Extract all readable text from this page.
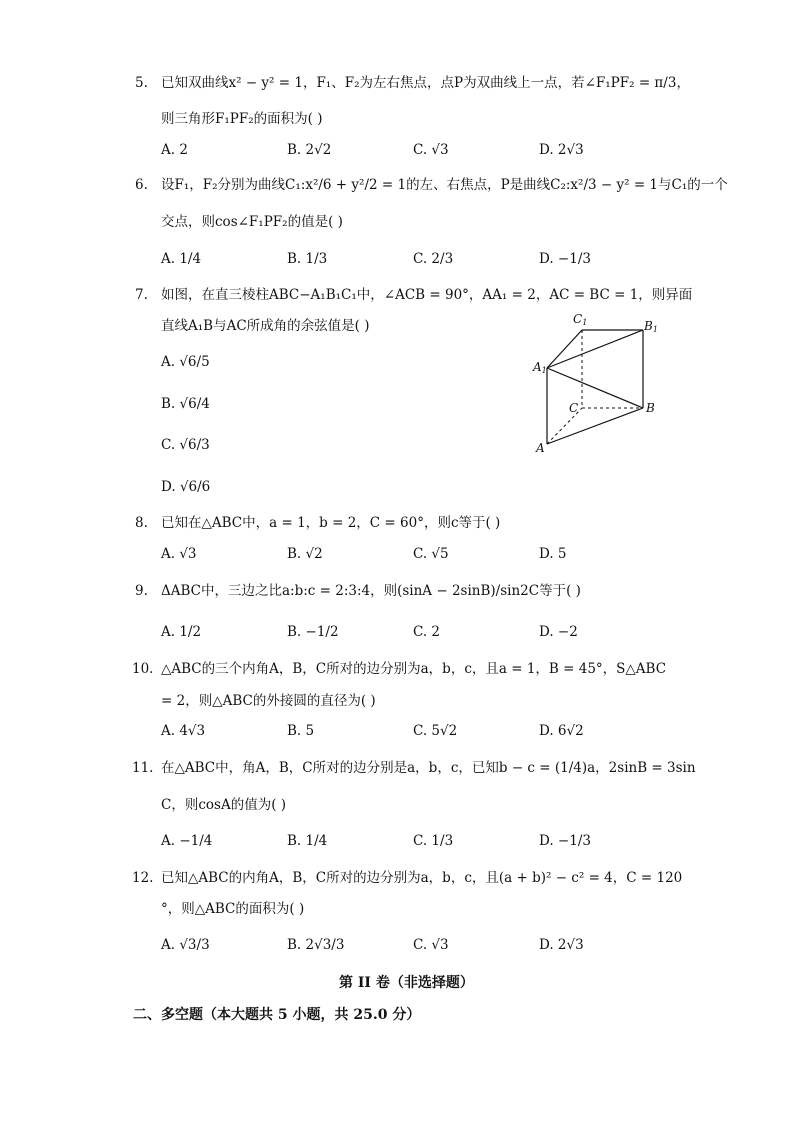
5. 已知双曲线x² − y² = 1，F₁、F₂为左右焦点，点P为双曲线上一点，若∠F₁PF₂ = π/3，
则三角形F₁PF₂的面积为( )
A. 2	B. 2√2	C. √3	D. 2√3
6. 设F₁，F₂分别为曲线C₁:x²/6 + y²/2 = 1的左、右焦点，P是曲线C₂:x²/3 − y² = 1与C₁的一个
交点，则cos∠F₁PF₂的值是( )
A. 1/4	B. 1/3	C. 2/3	D. −1/3
7. 如图，在直三棱柱ABC−A₁B₁C₁中，∠ACB = 90°，AA₁ = 2，AC = BC = 1，则异面
直线A₁B与AC所成角的余弦值是( )
A. √6/5
B. √6/4
C. √6/3
D. √6/6
C1	B1
A1
C	B
A
8. 已知在△ABC中，a = 1，b = 2，C = 60°，则c等于( )
A. √3	B. √2	C. √5	D. 5
9. ΔABC中，三边之比a:b:c = 2:3:4，则(sinA − 2sinB)/sin2C等于( )
A. 1/2	B. −1/2	C. 2	D. −2
10. △ABC的三个内角A，B，C所对的边分别为a，b，c，且a = 1，B = 45°，S△ABC
= 2，则△ABC的外接圆的直径为( )
A. 4√3	B. 5	C. 5√2	D. 6√2
11. 在△ABC中，角A，B，C所对的边分别是a，b，c，已知b − c = (1/4)a，2sinB = 3sin
C，则cosA的值为( )
A. −1/4	B. 1/4	C. 1/3	D. −1/3
12. 已知△ABC的内角A，B，C所对的边分别为a，b，c，且(a + b)² − c² = 4，C = 120
°，则△ABC的面积为( )
A. √3/3	B. 2√3/3	C. √3	D. 2√3
第 II 卷（非选择题）
二、多空题（本大题共 5 小题，共 25.0 分）
